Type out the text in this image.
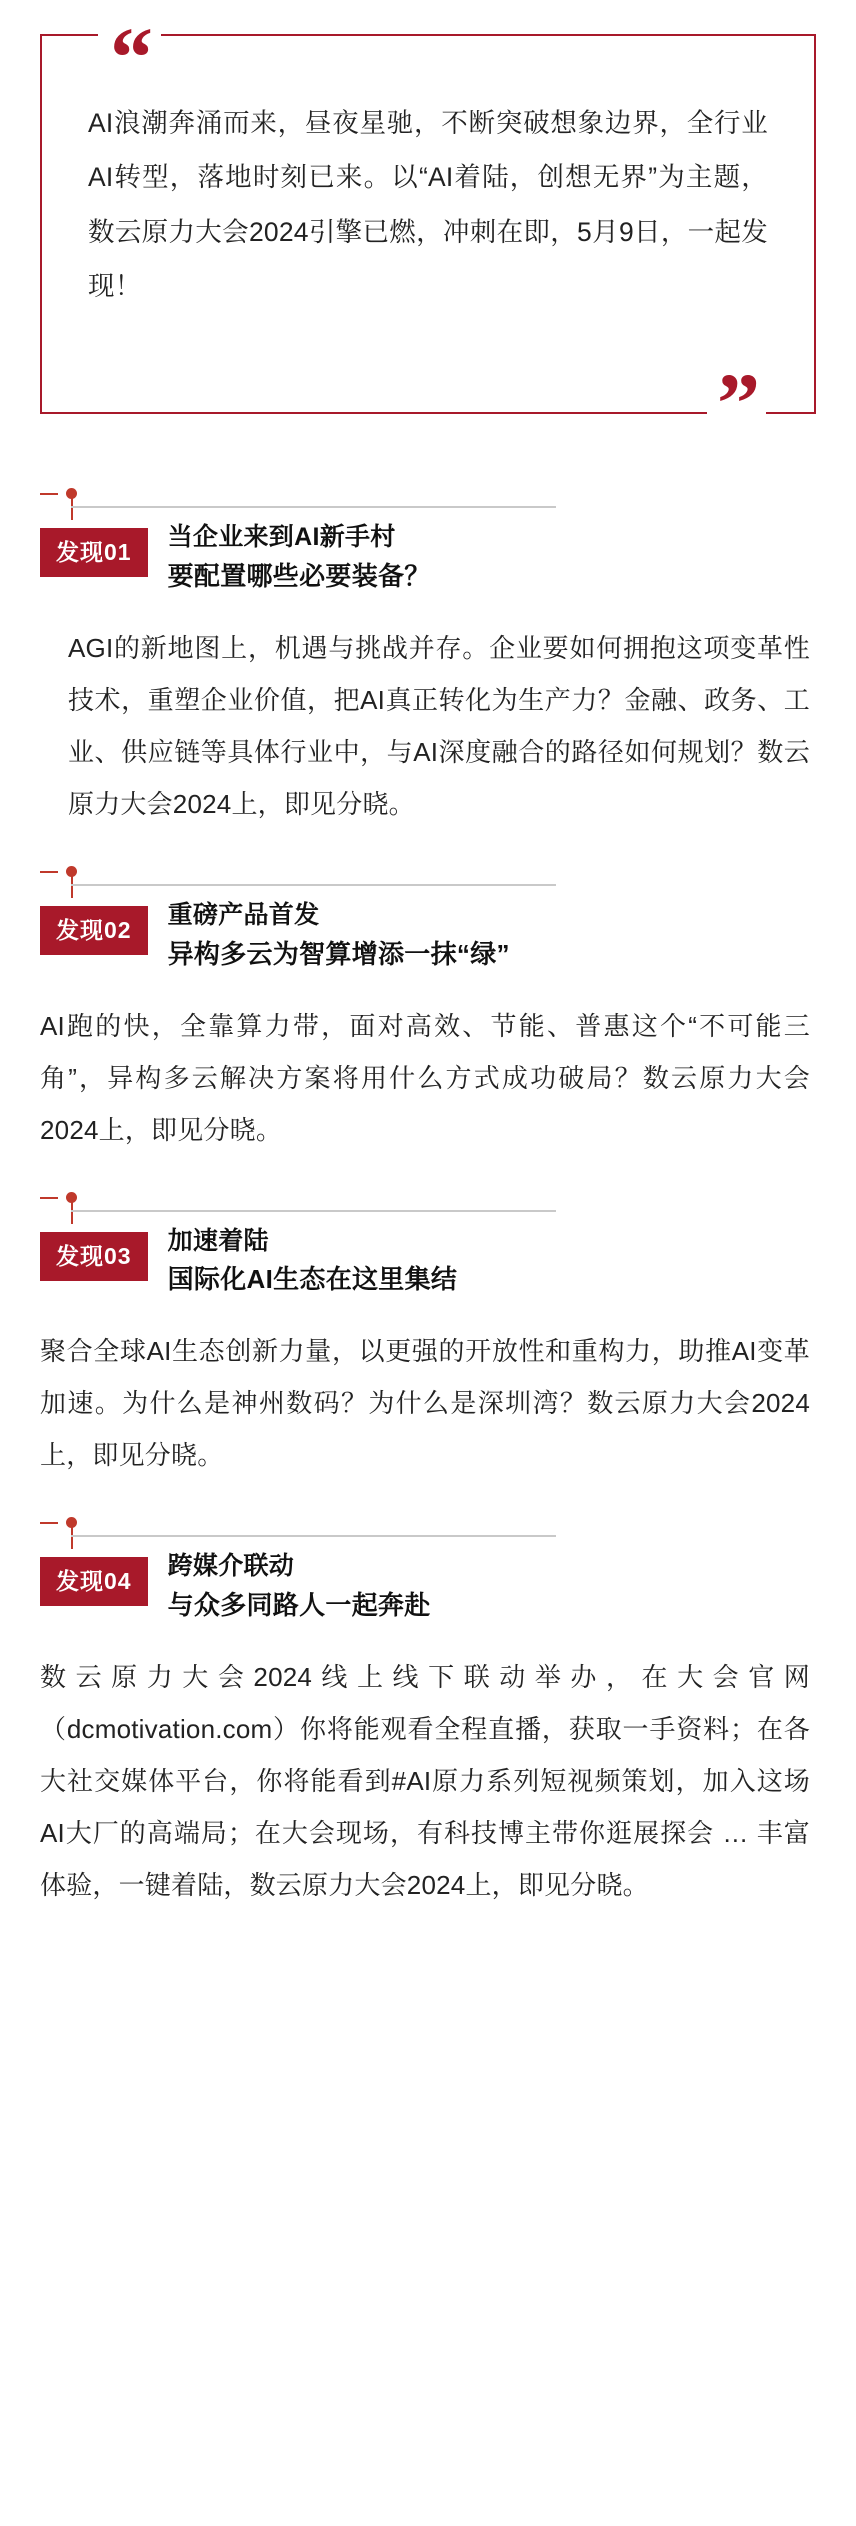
“
AI浪潮奔涌而来，昼夜星驰，不断突破想象边界，全行业AI转型，落地时刻已来。以“AI着陆，创想无界”为主题，数云原力大会2024引擎已燃，冲刺在即，5月9日，一起发现！
”
发现01
当企业来到AI新手村
要配置哪些必要装备？
AGI的新地图上，机遇与挑战并存。企业要如何拥抱这项变革性技术，重塑企业价值，把AI真正转化为生产力？金融、政务、工业、供应链等具体行业中，与AI深度融合的路径如何规划？数云原力大会2024上，即见分晓。
发现02
重磅产品首发
异构多云为智算增添一抹“绿”
AI跑的快，全靠算力带，面对高效、节能、普惠这个“不可能三角”，异构多云解决方案将用什么方式成功破局？数云原力大会2024上，即见分晓。
发现03
加速着陆
国际化AI生态在这里集结
聚合全球AI生态创新力量，以更强的开放性和重构力，助推AI变革加速。为什么是神州数码？为什么是深圳湾？数云原力大会2024上，即见分晓。
发现04
跨媒介联动
与众多同路人一起奔赴
数云原力大会2024线上线下联动举办，在大会官网（dcmotivation.com）你将能观看全程直播，获取一手资料；在各大社交媒体平台，你将能看到#AI原力系列短视频策划，加入这场AI大厂的高端局；在大会现场，有科技博主带你逛展探会 … 丰富体验，一键着陆，数云原力大会2024上，即见分晓。
